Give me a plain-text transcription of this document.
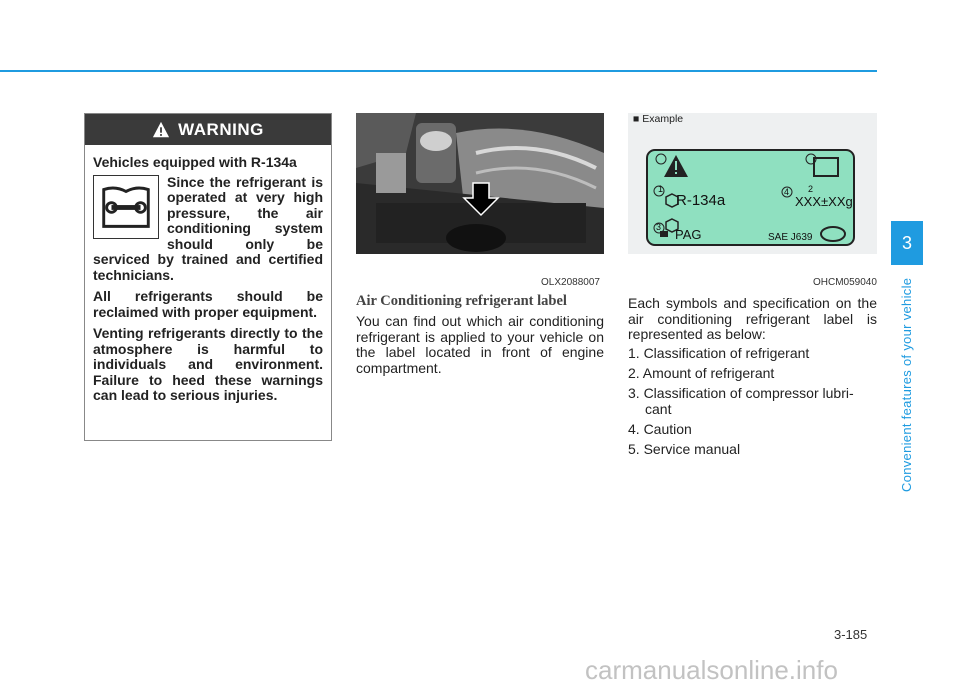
WARNING
Vehicles equipped with R-134a

Since the refrigerant is operated at very high pressure, the air conditioning system should only be serviced by trained and certified technicians.

All refrigerants should be reclaimed with proper equipment.

Venting refrigerants directly to the atmosphere is harmful to individuals and environment. Failure to heed these warnings can lead to serious injuries.

OLX2088007
Air Conditioning refrigerant label
You can find out which air conditioning refrigerant is applied to your vehicle on the label located in front of engine compartment.
■ Example
R-134a	XXX±XXg
PAG	SAE J639
1	2
3
4
OHCM059040
Each symbols and specification on the air conditioning refrigerant label is represented as below:
1. Classification of refrigerant
2. Amount of refrigerant
3. Classification of compressor lubri-
cant
4. Caution
5. Service manual
3
Convenient features of your vehicle
3-185
carmanualsonline.info
